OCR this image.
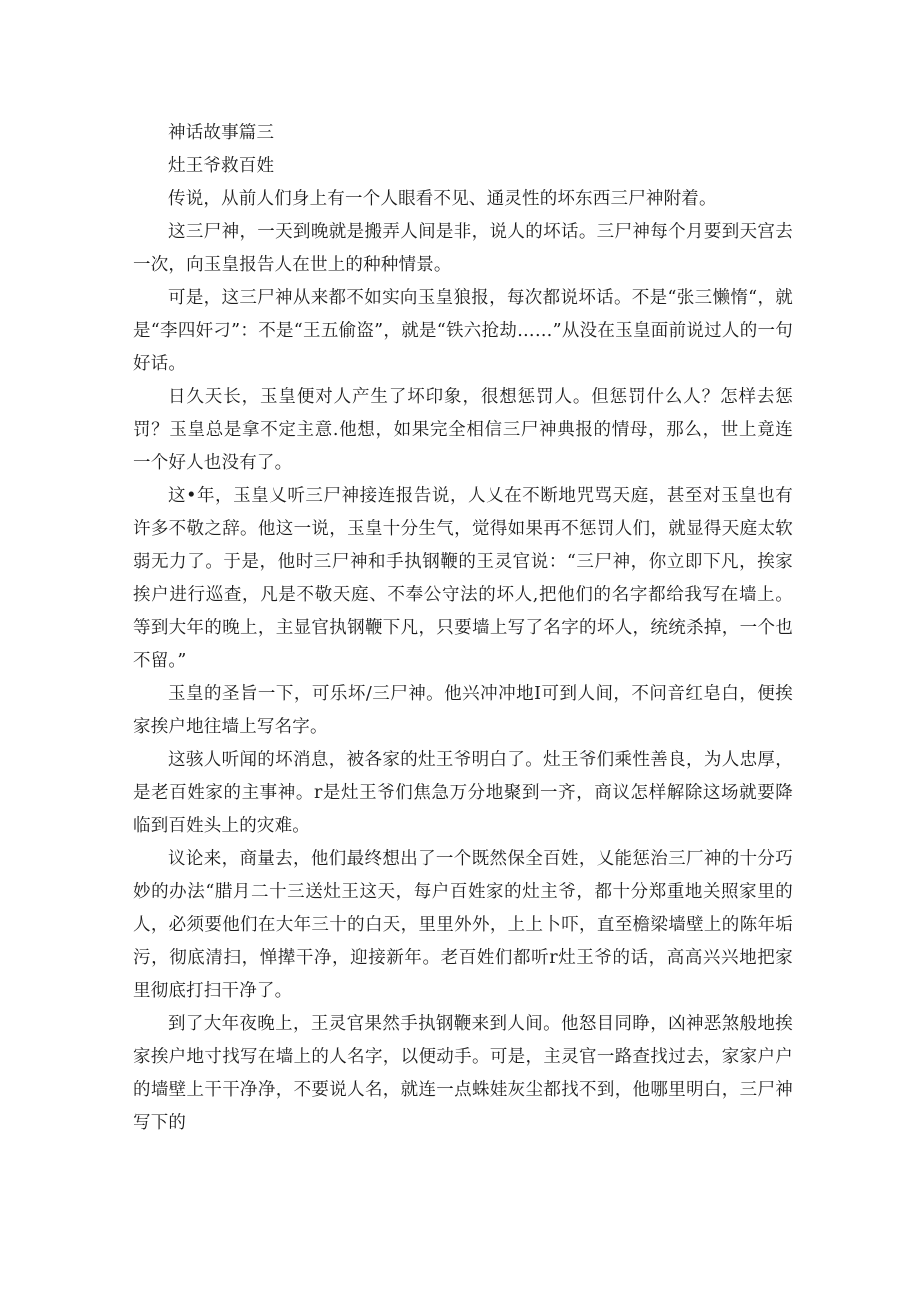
神话故事篇三

灶王爷救百姓

传说，从前人们身上有一个人眼看不见、通灵性的坏东西三尸神附着。

这三尸神，一天到晚就是搬弄人间是非，说人的坏话。三尸神每个月要到天宫去一次，向玉皇报告人在世上的种种情景。

可是，这三尸神从来都不如实向玉皇狼报，每次都说坏话。不是“张三懒惰“，就是“李四奸刁”：不是“王五偷盗”，就是“铁六抢劫……”从没在玉皇面前说过人的一句好话。

日久天长，玉皇便对人产生了坏印象，很想惩罚人。但惩罚什么人？怎样去惩罚？玉皇总是拿不定主意.他想，如果完全相信三尸神典报的情母，那么，世上竟连一个好人也没有了。

这•年，玉皇乂听三尸神接连报告说，人乂在不断地咒骂天庭，甚至对玉皇也有许多不敬之辞。他这一说，玉皇十分生气，觉得如果再不惩罚人们，就显得天庭太软弱无力了。于是，他时三尸神和手执钢鞭的王灵官说：“三尸神，你立即下凡，挨家挨户进行巡查，凡是不敬天庭、不奉公守法的坏人,把他们的名字都给我写在墙上。等到大年的晚上，主显官执钢鞭下凡，只要墙上写了名字的坏人，统统杀掉，一个也不留。”

玉皇的圣旨一下，可乐坏/三尸神。他兴冲冲地I可到人间，不问音红皂白，便挨家挨户地往墙上写名字。

这骇人听闻的坏消息，被各家的灶王爷明白了。灶王爷们乘性善良，为人忠厚，是老百姓家的主事神。r是灶王爷们焦急万分地聚到一齐，商议怎样解除这场就要降临到百姓头上的灾难。

议论来，商量去，他们最终想出了一个既然保全百姓，乂能惩治三厂神的十分巧妙的办法“腊月二十三送灶王这天，每户百姓家的灶主爷，都十分郑重地关照家里的人，必须要他们在大年三十的白天，里里外外，上上卜吓，直至檐梁墙壁上的陈年垢污，彻底清扫，惮撵干净，迎接新年。老百姓们都听r灶王爷的话，高高兴兴地把家里彻底打扫干净了。

到了大年夜晚上，王灵官果然手执钢鞭来到人间。他怒目同睁，凶神恶煞般地挨家挨户地寸找写在墙上的人名字，以便动手。可是，主灵官一路查找过去，家家户户的墙壁上干干净净，不要说人名，就连一点蛛娃灰尘都找不到，他哪里明白，三尸神写下的
